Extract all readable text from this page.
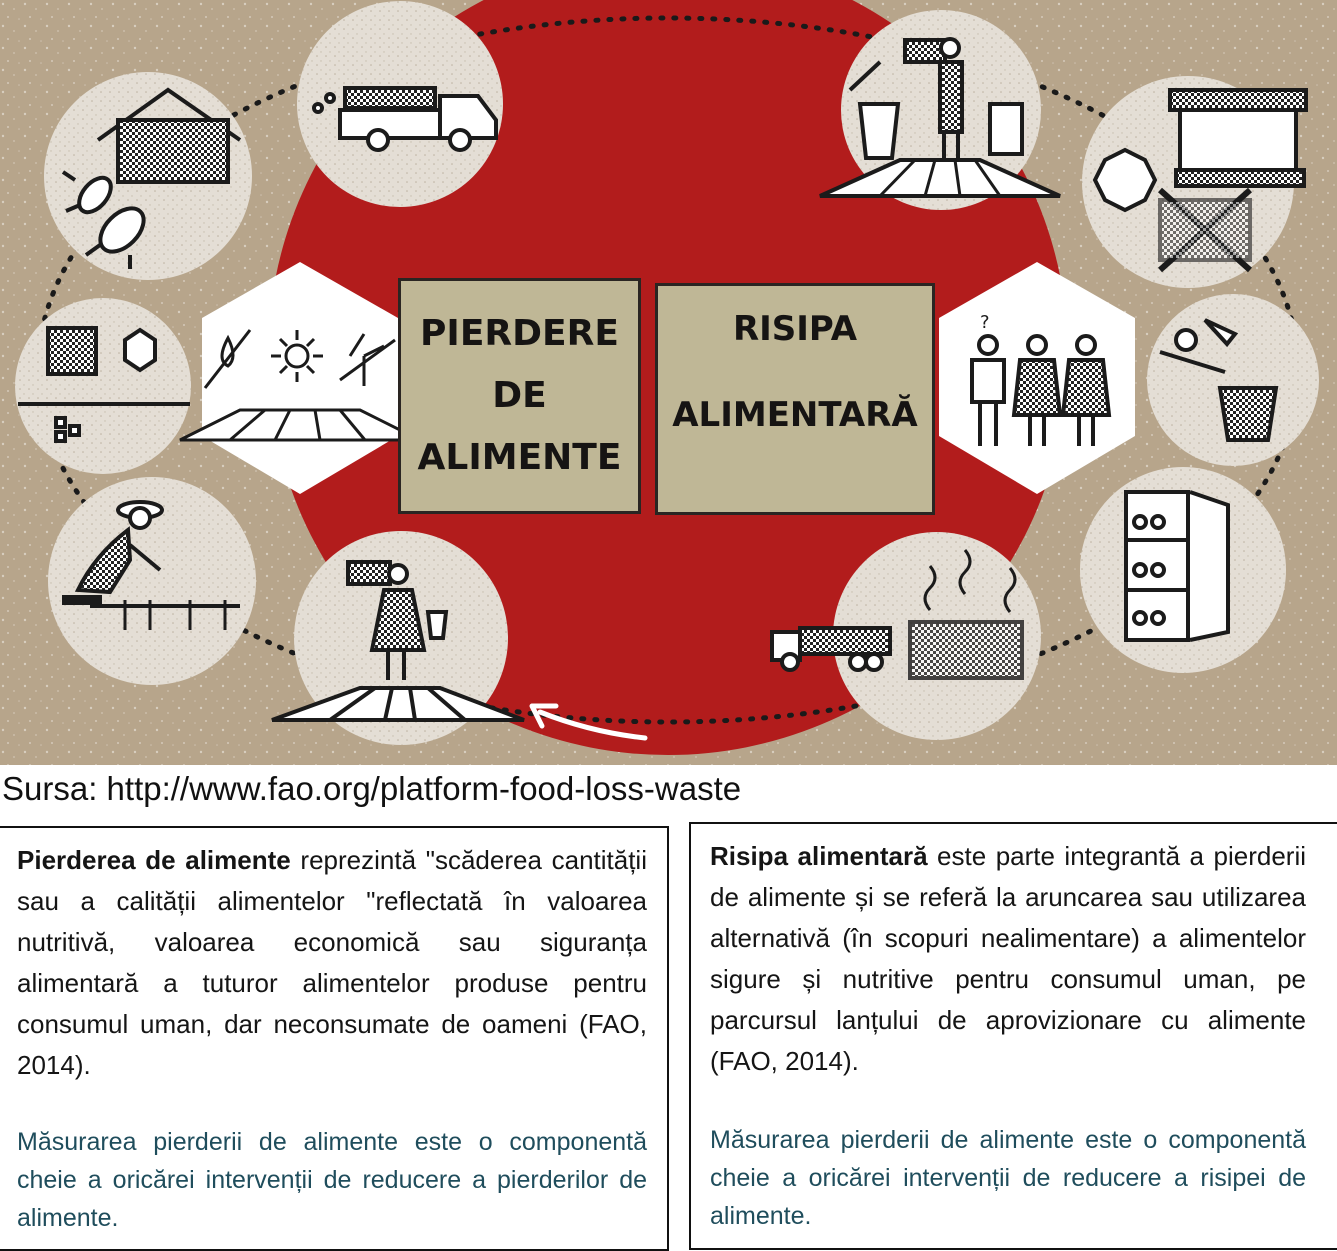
?
PIERDERE
DE
ALIMENTE
RISIPA
ALIMENTARĂ
Sursa: http://www.fao.org/platform-food-loss-waste

Pierderea de alimente reprezintă "scăderea cantității sau a calității alimentelor "reflectată în valoarea nutritivă, valoarea economică sau siguranța alimentară a tuturor alimentelor produse pentru consumul uman, dar neconsumate de oameni (FAO, 2014).

Măsurarea pierderii de alimente este o componentă cheie a oricărei intervenții de reducere a pierderilor de alimente.

Risipa alimentară este parte integrantă a pierderii de alimente și se referă la aruncarea sau utilizarea alternativă (în scopuri nealimentare) a alimentelor sigure și nutritive pentru consumul uman, pe parcursul lanțului de aprovizionare cu alimente (FAO, 2014).

Măsurarea pierderii de alimente este o componentă cheie a oricărei intervenții de reducere a risipei de alimente.
